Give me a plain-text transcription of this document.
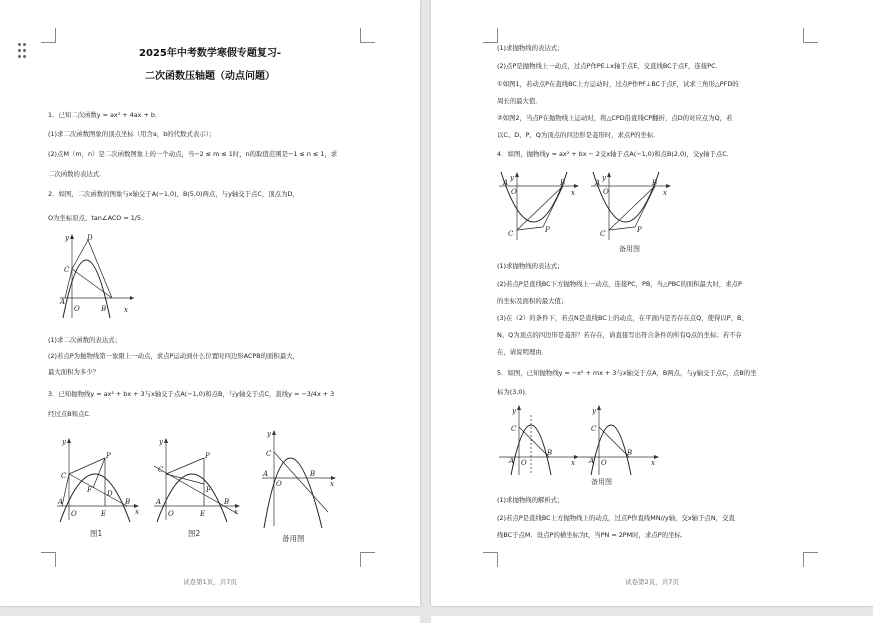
2025年中考数学寒假专题复习-
二次函数压轴题（动点问题）
1．已知二次函数y = ax² + 4ax + b．
(1)求二次函数图象的顶点坐标（用含a，b的代数式表示）；
(2)点M（m，n）是二次函数图象上的一个动点，当−2 ≤ m ≤ 1时，n的取值范围是−1 ≤ n ≤ 1，求
二次函数的表达式．
2．如图，二次函数的图象与x轴交于A(−1,0)，B(5,0)两点，与y轴交于点C，顶点为D，
O为坐标原点，tan∠ACO = 1/5．
y	D
C
A
O	B	x
(1)求二次函数的表达式；
(2)若点P为抛物线第一象限上一动点，求点P运动到什么位置时四边形ACPB的面积最大，
最大面积为多少？
3．已知抛物线y = ax² + bx + 3与x轴交于点A(−1,0)和点B，与y轴交于点C，直线y = −3/4x + 3
经过点B和点C．
y
P
C
F D
A
O	E
B
x
y
P
C
F
A
O	E
B
x
y
C
A
O
B
x
图1	图2
备用图
试卷第1页，共7页
(1)求抛物线的表达式；
(2)点P是抛物线上一动点，过点P作PE⊥x轴于点E，交直线BC于点F，连接PC．
①如图1，若动点P在直线BC上方运动时，过点P作PF⊥BC于点F，试求三角形△PFD的
周长的最大值．
②如图2，当点P在抛物线上运动时，将△CPD沿直线CP翻折，点D的对应点为Q，若
以C、D、P、Q为顶点的四边形是菱形时，求点P的坐标．
4．如图，抛物线y = ax² + bx − 2交x轴于点A(−1,0)和点B(2,0)，交y轴于点C．
y
A
O
B
x
C	P
y
A
O
B
x
C	P
备用图
(1)求抛物线的表达式；
(2)若点P是直线BC下方抛物线上一动点，连接PC，PB，当△PBC的面积最大时，求点P
的坐标及面积的最大值；
(3)在（2）的条件下，若点N是直线BC上的动点，在平面内是否存在点Q，使得以P、B、
N、Q为顶点的四边形是菱形？若存在，请直接写出符合条件的所有Q点的坐标；若不存
在，请说明理由．
5．如图，已知抛物线y = −x² + mx + 3与x轴交于点A，B两点，与y轴交于点C，点B的坐
标为(3,0)．
y
C
A O
B
x
y
C
A O
B
x
备用图
(1)求抛物线的解析式；
(2)若点P是直线BC上方抛物线上的动点，过点P作直线MN//y轴，交x轴于点N，交直
线BC于点M．设点P的横坐标为t，当PN = 2PM时，求点P的坐标．
试卷第2页，共7页
